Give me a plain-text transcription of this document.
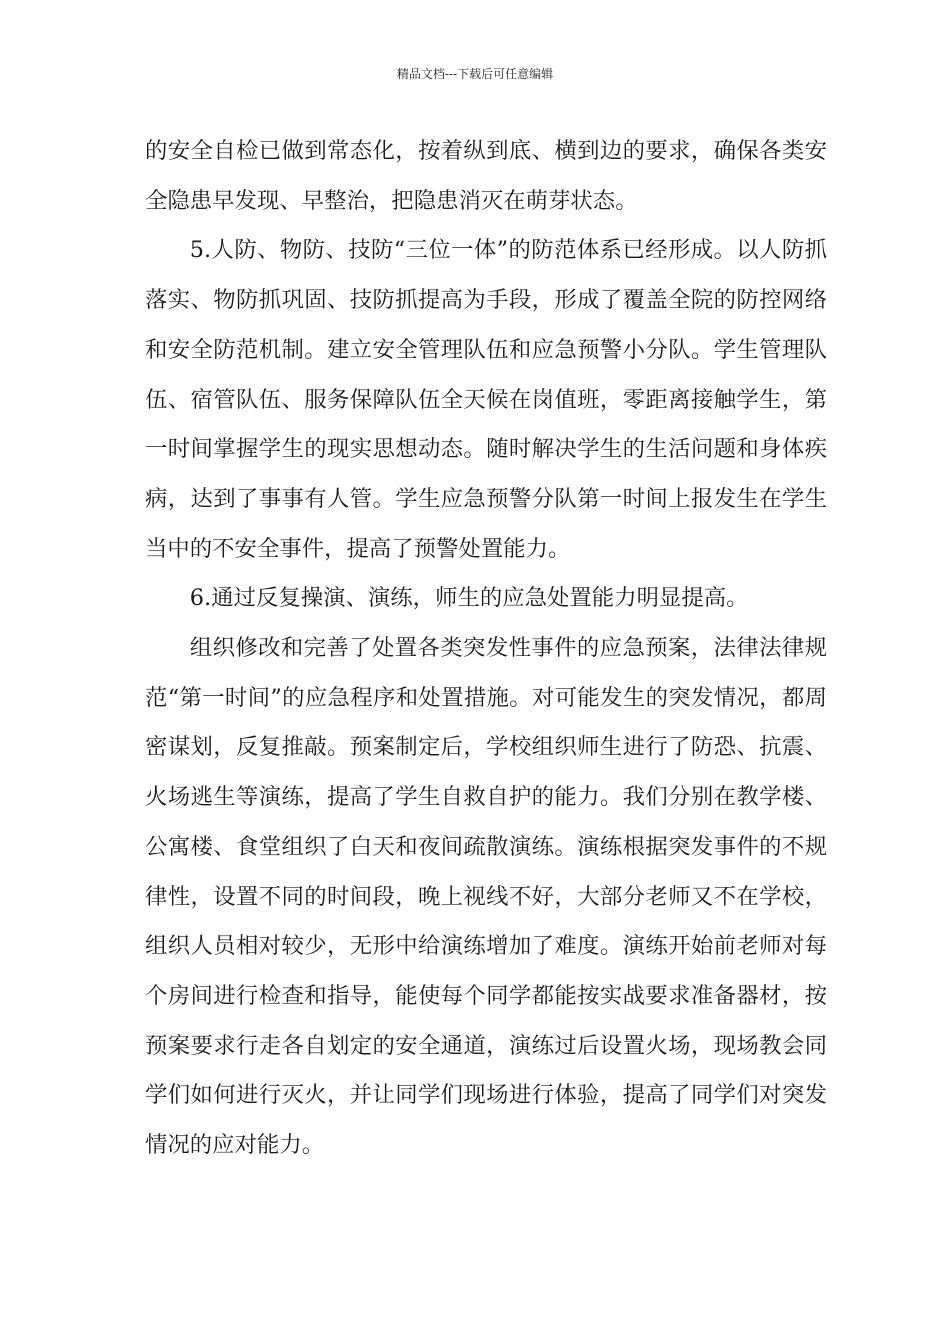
精品文档---下载后可任意编辑

的安全自检已做到常态化，按着纵到底、横到边的要求，确保各类安全隐患早发现、早整治，把隐患消灭在萌芽状态。

5.人防、物防、技防“三位一体”的防范体系已经形成。以人防抓落实、物防抓巩固、技防抓提高为手段，形成了覆盖全院的防控网络和安全防范机制。建立安全管理队伍和应急预警小分队。学生管理队伍、宿管队伍、服务保障队伍全天候在岗值班，零距离接触学生，第一时间掌握学生的现实思想动态。随时解决学生的生活问题和身体疾病，达到了事事有人管。学生应急预警分队第一时间上报发生在学生当中的不安全事件，提高了预警处置能力。

6.通过反复操演、演练，师生的应急处置能力明显提高。

组织修改和完善了处置各类突发性事件的应急预案，法律法律规范“第一时间”的应急程序和处置措施。对可能发生的突发情况，都周密谋划，反复推敲。预案制定后，学校组织师生进行了防恐、抗震、火场逃生等演练，提高了学生自救自护的能力。我们分别在教学楼、公寓楼、食堂组织了白天和夜间疏散演练。演练根据突发事件的不规律性，设置不同的时间段，晚上视线不好，大部分老师又不在学校，组织人员相对较少，无形中给演练增加了难度。演练开始前老师对每个房间进行检查和指导，能使每个同学都能按实战要求准备器材，按预案要求行走各自划定的安全通道，演练过后设置火场，现场教会同学们如何进行灭火，并让同学们现场进行体验，提高了同学们对突发情况的应对能力。
